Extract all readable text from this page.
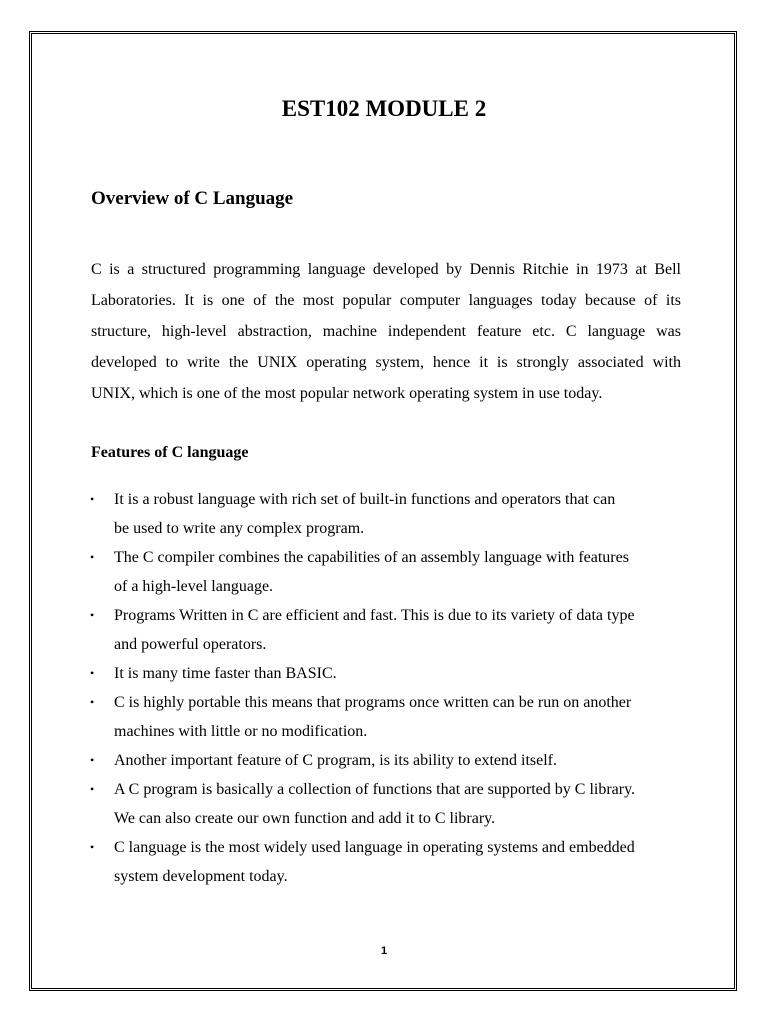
EST102 MODULE 2
Overview of C Language
C is a structured programming language developed by Dennis Ritchie in 1973 at Bell
Laboratories. It is one of the most popular computer languages today because of its
structure, high-level abstraction, machine independent feature etc. C language was
developed to write the UNIX operating system, hence it is strongly associated with
UNIX, which is one of the most popular network operating system in use today.
Features of C language
• It is a robust language with rich set of built-in functions and operators that can
be used to write any complex program.
• The C compiler combines the capabilities of an assembly language with features
of a high-level language.
• Programs Written in C are efficient and fast. This is due to its variety of data type
and powerful operators.
• It is many time faster than BASIC.
• C is highly portable this means that programs once written can be run on another
machines with little or no modification.
• Another important feature of C program, is its ability to extend itself.
• A C program is basically a collection of functions that are supported by C library.
We can also create our own function and add it to C library.
• C language is the most widely used language in operating systems and embedded
system development today.
1
